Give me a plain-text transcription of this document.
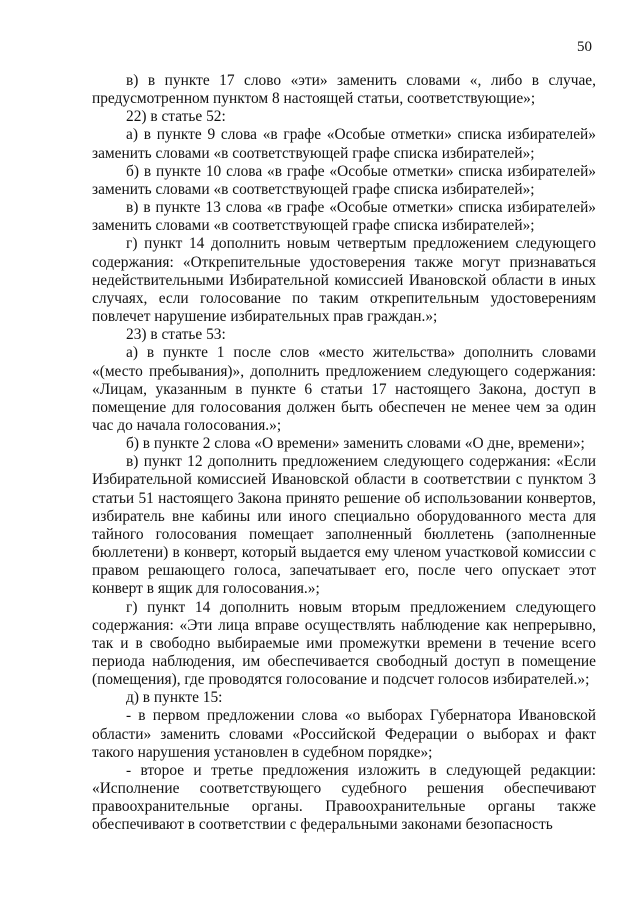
50

в) в пункте 17 слово «эти» заменить словами «, либо в случае, предусмотренном пунктом 8 настоящей статьи, соответствующие»;

22) в статье 52:

а) в пункте 9 слова «в графе «Особые отметки» списка избирателей» заменить словами «в соответствующей графе списка избирателей»;

б) в пункте 10 слова «в графе «Особые отметки» списка избирателей» заменить словами «в соответствующей графе списка избирателей»;

в) в пункте 13 слова «в графе «Особые отметки» списка избирателей» заменить словами «в соответствующей графе списка избирателей»;

г) пункт 14 дополнить новым четвертым предложением следующего содержания: «Открепительные удостоверения также могут признаваться недействительными Избирательной комиссией Ивановской области в иных случаях, если голосование по таким открепительным удостоверениям повлечет нарушение избирательных прав граждан.»;

23) в статье 53:

а) в пункте 1 после слов «место жительства» дополнить словами «(место пребывания)», дополнить предложением следующего содержания: «Лицам, указанным в пункте 6 статьи 17 настоящего Закона, доступ в помещение для голосования должен быть обеспечен не менее чем за один час до начала голосования.»;

б) в пункте 2 слова «О времени» заменить словами «О дне, времени»;

в) пункт 12 дополнить предложением следующего содержания: «Если Избирательной комиссией Ивановской области в соответствии с пунктом 3 статьи 51 настоящего Закона принято решение об использовании конвертов, избиратель вне кабины или иного специально оборудованного места для тайного голосования помещает заполненный бюллетень (заполненные бюллетени) в конверт, который выдается ему членом участковой комиссии с правом решающего голоса, запечатывает его, после чего опускает этот конверт в ящик для голосования.»;

г) пункт 14 дополнить новым вторым предложением следующего содержания: «Эти лица вправе осуществлять наблюдение как непрерывно, так и в свободно выбираемые ими промежутки времени в течение всего периода наблюдения, им обеспечивается свободный доступ в помещение (помещения), где проводятся голосование и подсчет голосов избирателей.»;

д) в пункте 15:

- в первом предложении слова «о выборах Губернатора Ивановской области» заменить словами «Российской Федерации о выборах и факт такого нарушения установлен в судебном порядке»;

- второе и третье предложения изложить в следующей редакции: «Исполнение соответствующего судебного решения обеспечивают правоохранительные органы. Правоохранительные органы также обеспечивают в соответствии с федеральными законами безопасность
